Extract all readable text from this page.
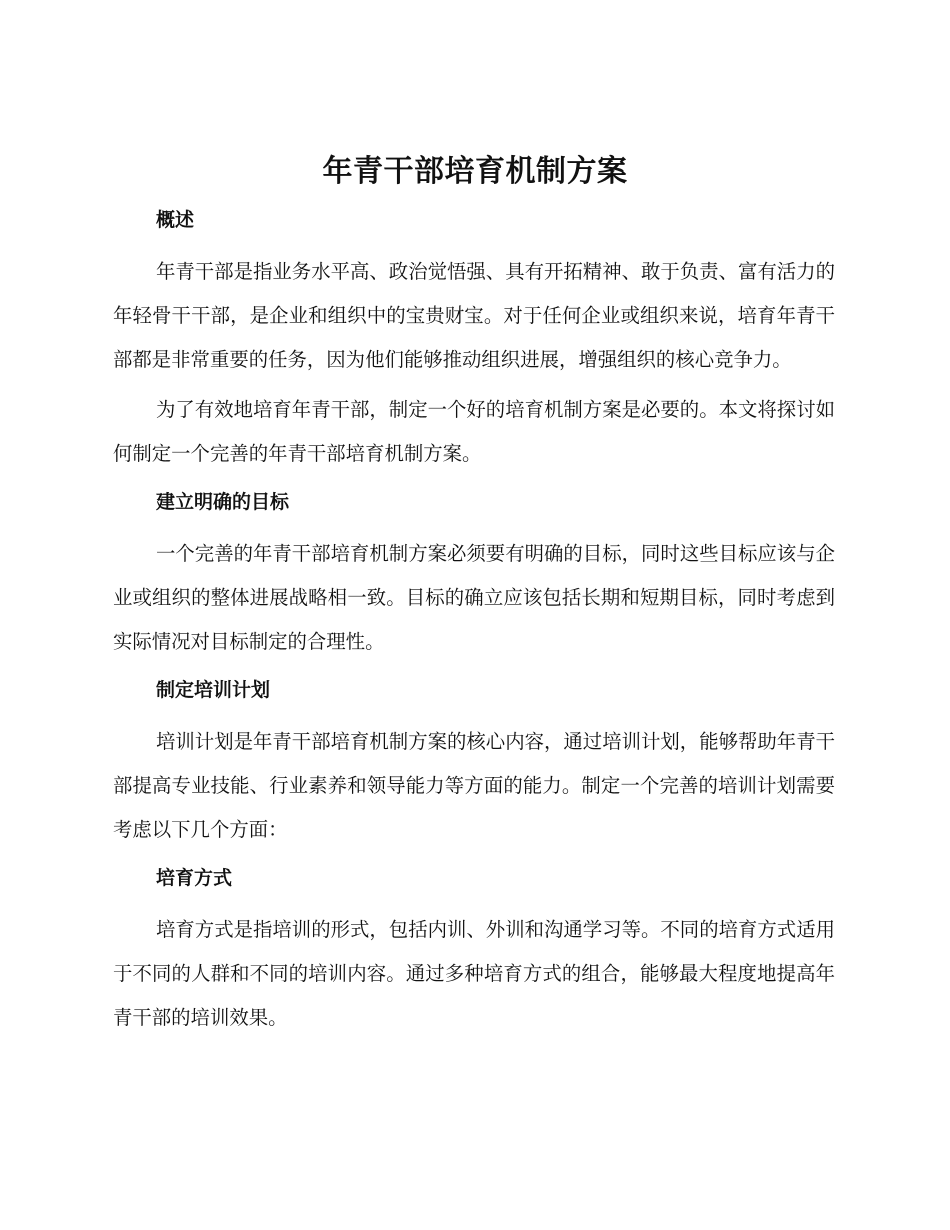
年青干部培育机制方案
概述

年青干部是指业务水平高、政治觉悟强、具有开拓精神、敢于负责、富有活力的年轻骨干干部，是企业和组织中的宝贵财宝。对于任何企业或组织来说，培育年青干部都是非常重要的任务，因为他们能够推动组织进展，增强组织的核心竞争力。

为了有效地培育年青干部，制定一个好的培育机制方案是必要的。本文将探讨如何制定一个完善的年青干部培育机制方案。

建立明确的目标

一个完善的年青干部培育机制方案必须要有明确的目标，同时这些目标应该与企业或组织的整体进展战略相一致。目标的确立应该包括长期和短期目标，同时考虑到实际情况对目标制定的合理性。

制定培训计划

培训计划是年青干部培育机制方案的核心内容，通过培训计划，能够帮助年青干部提高专业技能、行业素养和领导能力等方面的能力。制定一个完善的培训计划需要考虑以下几个方面：

培育方式

培育方式是指培训的形式，包括内训、外训和沟通学习等。不同的培育方式适用于不同的人群和不同的培训内容。通过多种培育方式的组合，能够最大程度地提高年青干部的培训效果。
